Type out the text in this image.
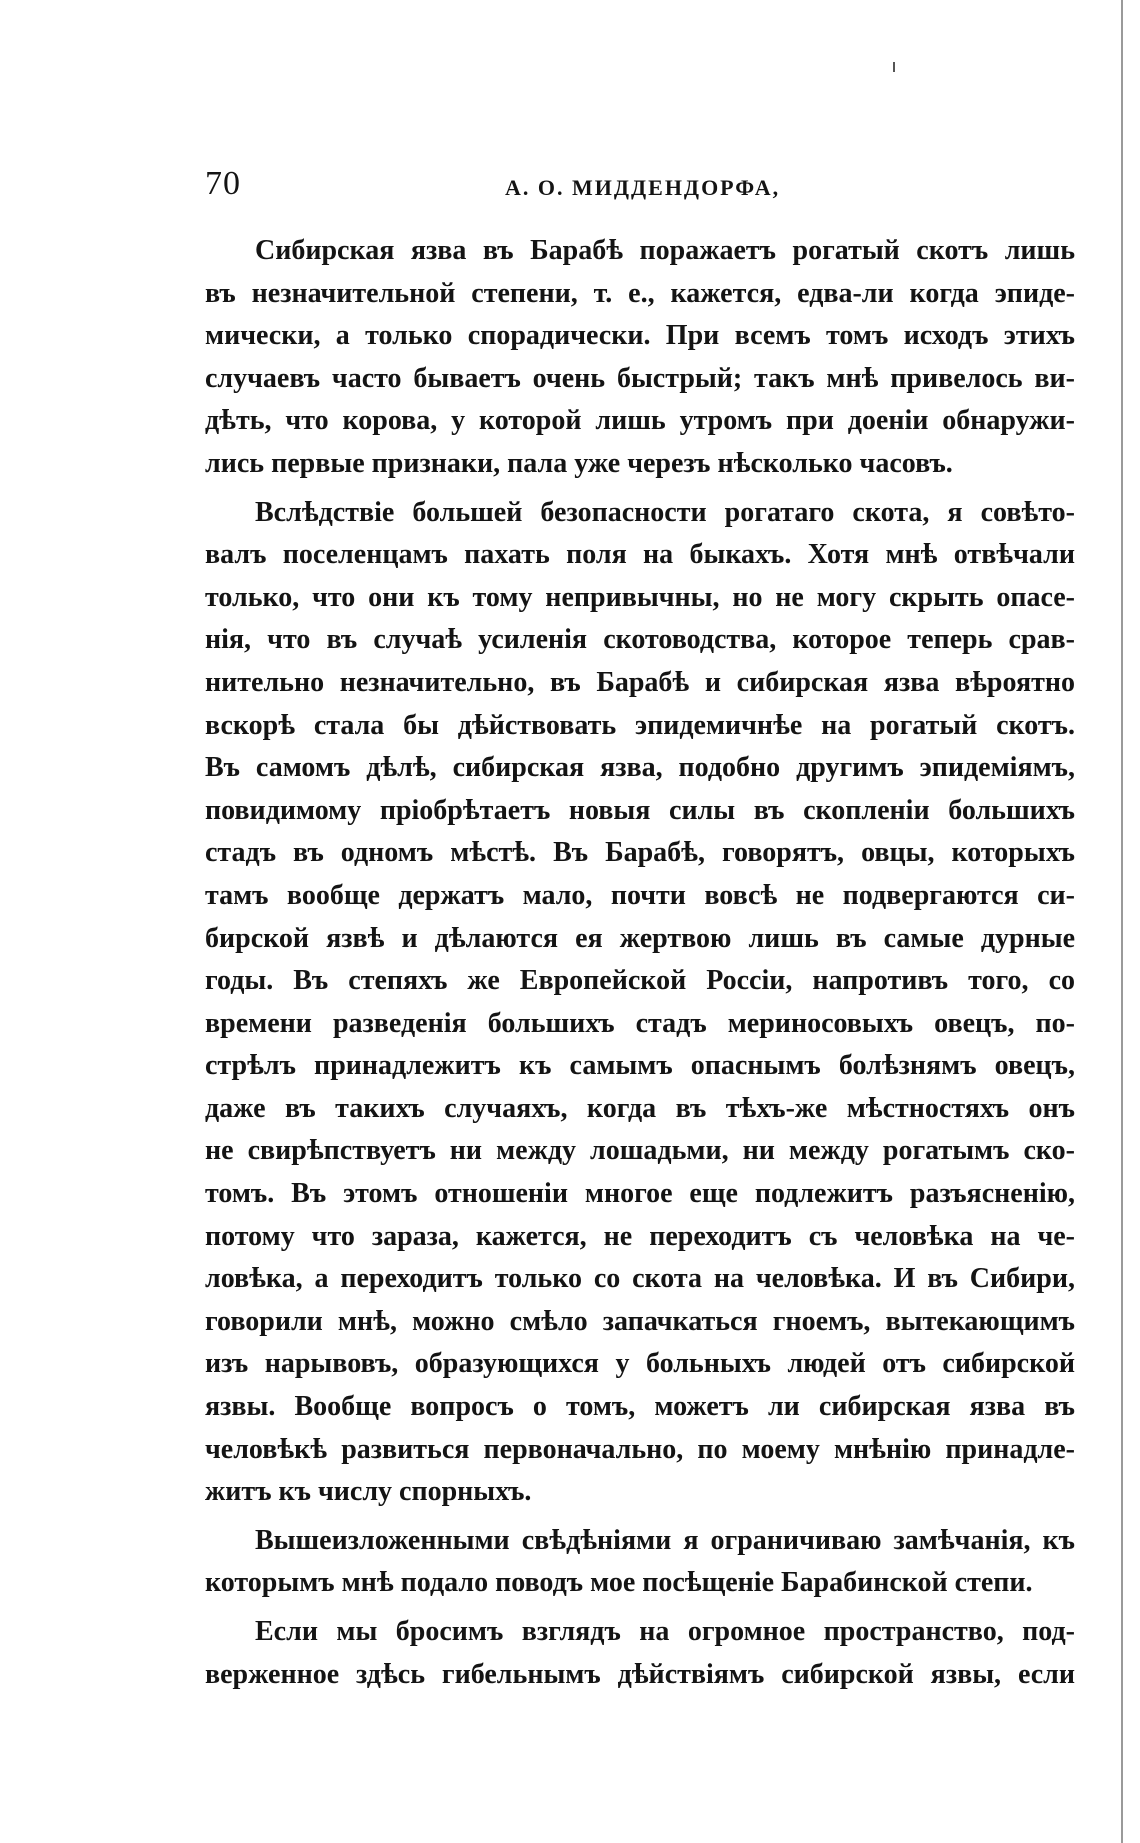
70	А. О. МИДДЕНДОРФА,
Сибирская язва въ Барабѣ поражаетъ рогатый скотъ лишь
въ незначительной степени, т. е., кажется, едва-ли когда эпиде-
мически, а только спорадически. При всемъ томъ исходъ этихъ
случаевъ часто бываетъ очень быстрый; такъ мнѣ привелось ви-
дѣть, что корова, у которой лишь утромъ при доеніи обнаружи-
лись первые признаки, пала уже черезъ нѣсколько часовъ.
Вслѣдствіе большей безопасности рогатаго скота, я совѣто-
валъ поселенцамъ пахать поля на быкахъ. Хотя мнѣ отвѣчали
только, что они къ тому непривычны, но не могу скрыть опасе-
нія, что въ случаѣ усиленія скотоводства, которое теперь срав-
нительно незначительно, въ Барабѣ и сибирская язва вѣроятно
вскорѣ стала бы дѣйствовать эпидемичнѣе на рогатый скотъ.
Въ самомъ дѣлѣ, сибирская язва, подобно другимъ эпидеміямъ,
повидимому пріобрѣтаетъ новыя силы въ скопленіи большихъ
стадъ въ одномъ мѣстѣ. Въ Барабѣ, говорятъ, овцы, которыхъ
тамъ вообще держатъ мало, почти вовсѣ не подвергаются си-
бирской язвѣ и дѣлаются ея жертвою лишь въ самые дурные
годы. Въ степяхъ же Европейской Россіи, напротивъ того, со
времени разведенія большихъ стадъ мериносовыхъ овецъ, по-
стрѣлъ принадлежитъ къ самымъ опаснымъ болѣзнямъ овецъ,
даже въ такихъ случаяхъ, когда въ тѣхъ-же мѣстностяхъ онъ
не свирѣпствуетъ ни между лошадьми, ни между рогатымъ ско-
томъ. Въ этомъ отношеніи многое еще подлежитъ разъясненію,
потому что зараза, кажется, не переходитъ съ человѣка на че-
ловѣка, а переходитъ только со скота на человѣка. И въ Сибири,
говорили мнѣ, можно смѣло запачкаться гноемъ, вытекающимъ
изъ нарывовъ, образующихся у больныхъ людей отъ сибирской
язвы. Вообще вопросъ о томъ, можетъ ли сибирская язва въ
человѣкѣ развиться первоначально, по моему мнѣнію принадле-
житъ къ числу спорныхъ.
Вышеизложенными свѣдѣніями я ограничиваю замѣчанія, къ
которымъ мнѣ подало поводъ мое посѣщеніе Барабинской степи.
Если мы бросимъ взглядъ на огромное пространство, под-
верженное здѣсь гибельнымъ дѣйствіямъ сибирской язвы, если
